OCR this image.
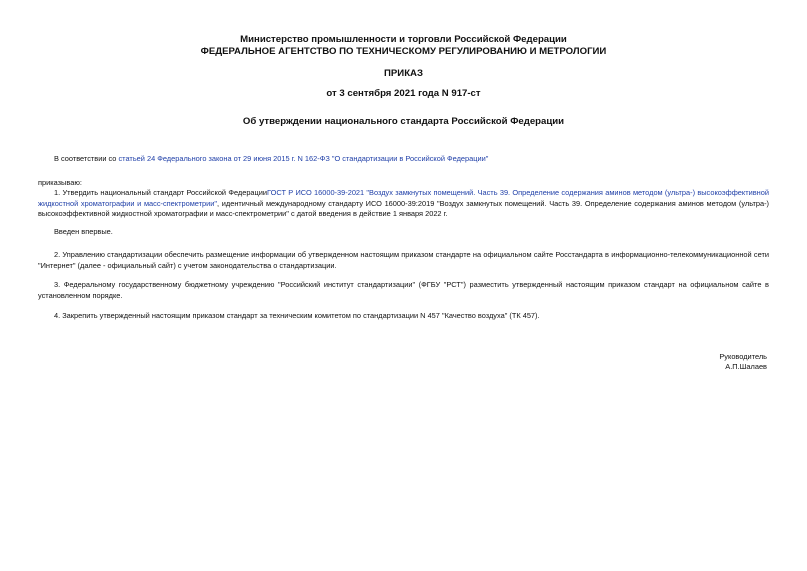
Министерство промышленности и торговли Российской Федерации
ФЕДЕРАЛЬНОЕ АГЕНТСТВО ПО ТЕХНИЧЕСКОМУ РЕГУЛИРОВАНИЮ И МЕТРОЛОГИИ
ПРИКАЗ
от 3 сентября 2021 года N 917-ст
Об утверждении национального стандарта Российской Федерации
В соответствии со статьей 24 Федерального закона от 29 июня 2015 г. N 162-ФЗ "О стандартизации в Российской Федерации"
приказываю:
1. Утвердить национальный стандарт Российской ФедерацииГОСТ Р ИСО 16000-39-2021 "Воздух замкнутых помещений. Часть 39. Определение содержания аминов методом (ультра-) высокоэффективной жидкостной хроматографии и масс-спектрометрии", идентичный международному стандарту ИСО 16000-39:2019 "Воздух замкнутых помещений. Часть 39. Определение содержания аминов методом (ультра-) высокоэффективной жидкостной хроматографии и масс-спектрометрии" с датой введения в действие 1 января 2022 г.
Введен впервые.
2. Управлению стандартизации обеспечить размещение информации об утвержденном настоящим приказом стандарте на официальном сайте Росстандарта в информационно-телекоммуникационной сети "Интернет" (далее - официальный сайт) с учетом законодательства о стандартизации.
3. Федеральному государственному бюджетному учреждению "Российский институт стандартизации" (ФГБУ "РСТ") разместить утвержденный настоящим приказом стандарт на официальном сайте в установленном порядке.
4. Закрепить утвержденный настоящим приказом стандарт за техническим комитетом по стандартизации N 457 "Качество воздуха" (ТК 457).
Руководитель
А.П.Шалаев
